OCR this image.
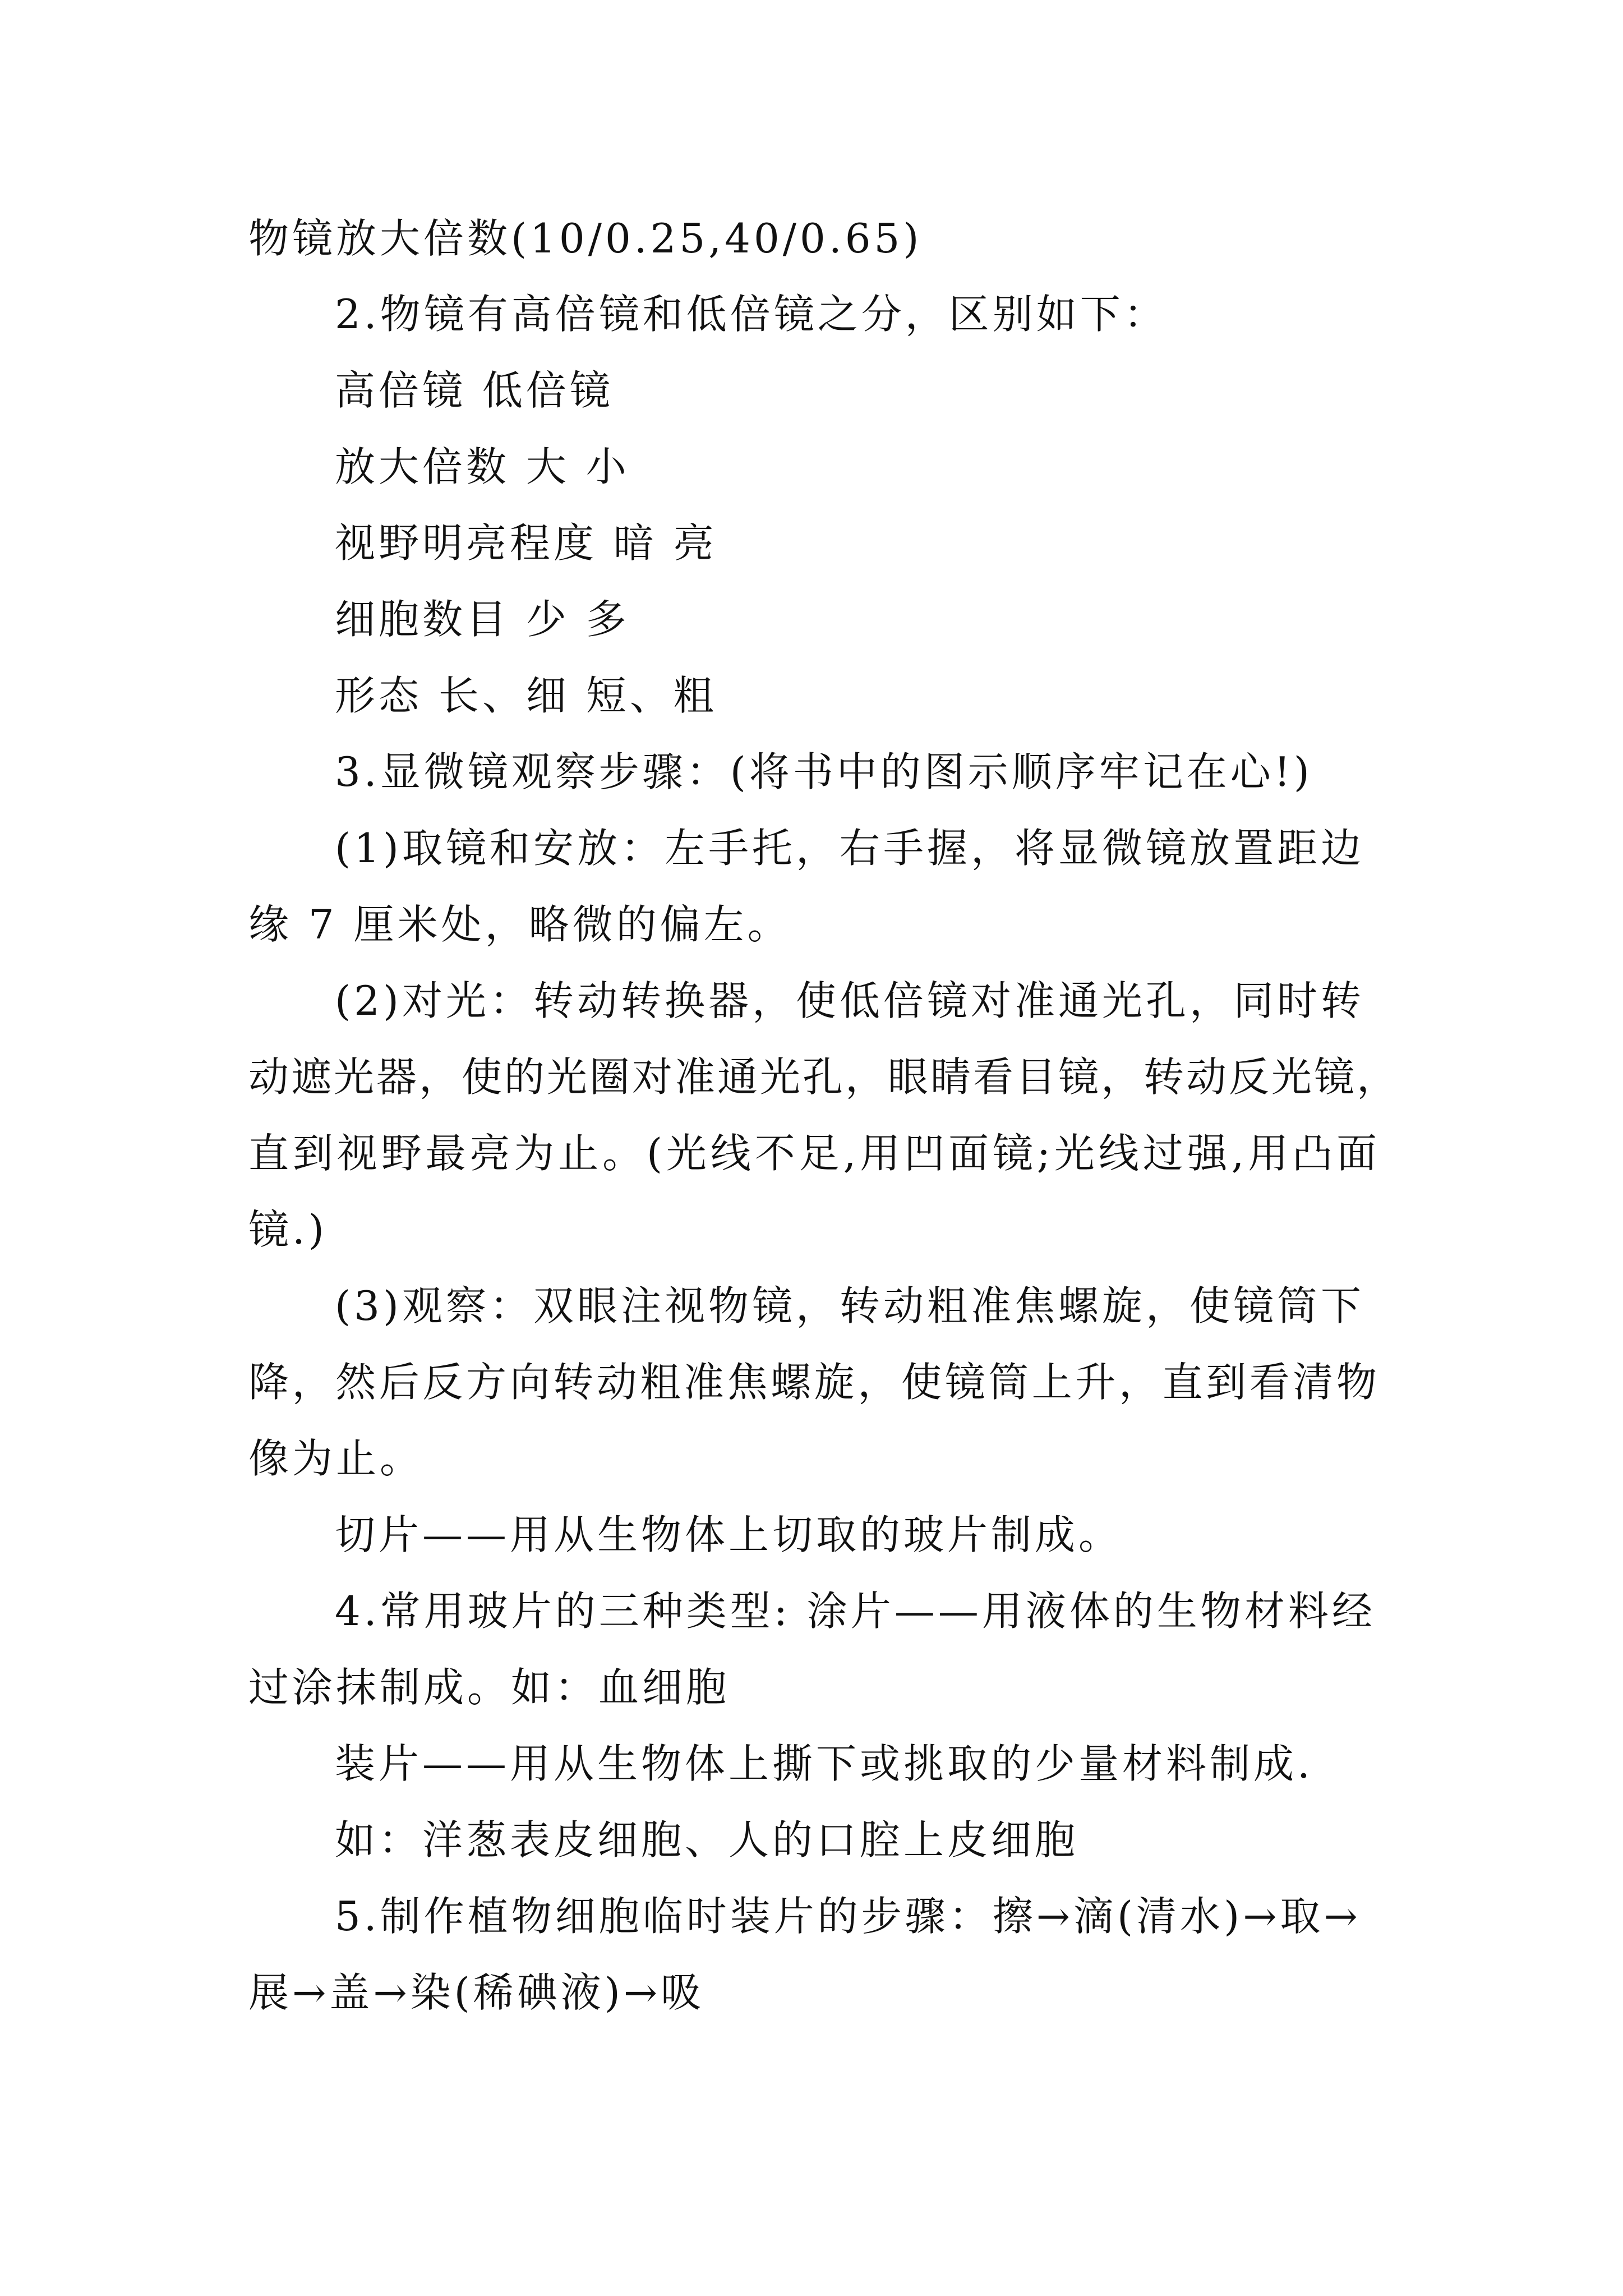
物镜放大倍数(10/0.25,40/0.65)
2.物镜有高倍镜和低倍镜之分，区别如下：
高倍镜 低倍镜
放大倍数 大 小
视野明亮程度 暗 亮
细胞数目 少 多
形态 长、细 短、粗
3.显微镜观察步骤：(将书中的图示顺序牢记在心!)
(1)取镜和安放：左手托，右手握，将显微镜放置距边
缘 7 厘米处，略微的偏左。
(2)对光：转动转换器，使低倍镜对准通光孔，同时转
动遮光器，使的光圈对准通光孔，眼睛看目镜，转动反光镜，
直到视野最亮为止。(光线不足,用凹面镜;光线过强,用凸面
镜.)
(3)观察：双眼注视物镜，转动粗准焦螺旋，使镜筒下
降，然后反方向转动粗准焦螺旋，使镜筒上升，直到看清物
像为止。
切片——用从生物体上切取的玻片制成。
4.常用玻片的三种类型: 涂片——用液体的生物材料经
过涂抹制成。如：血细胞
装片——用从生物体上撕下或挑取的少量材料制成.
如：洋葱表皮细胞、人的口腔上皮细胞
5.制作植物细胞临时装片的步骤：擦→滴(清水)→取→
展→盖→染(稀碘液)→吸
